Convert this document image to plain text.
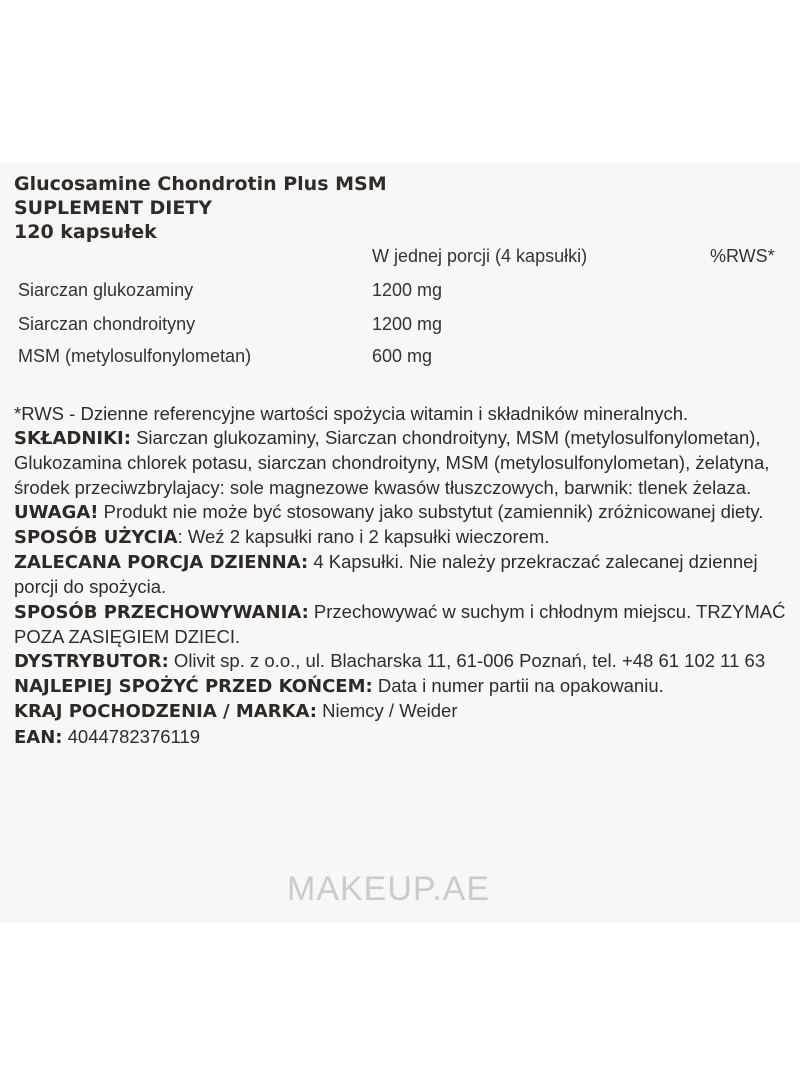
Glucosamine Chondrotin Plus MSM
SUPLEMENT DIETY
120 kapsułek
W jednej porcji (4 kapsułki)	%RWS*
Siarczan glukozaminy	1200 mg
Siarczan chondroityny	1200 mg
MSM (metylosulfonylometan)	600 mg

*RWS - Dzienne referencyjne wartości spożycia witamin i składników mineralnych.

SKŁADNIKI: Siarczan glukozaminy, Siarczan chondroityny, MSM (metylosulfonylometan), Glukozamina chlorek potasu, siarczan chondroityny, MSM (metylosulfonylometan), żelatyna, środek przeciwzbrylajacy: sole magnezowe kwasów tłuszczowych, barwnik: tlenek żelaza.

UWAGA! Produkt nie może być stosowany jako substytut (zamiennik) zróżnicowanej diety.

SPOSÓB UŻYCIA: Weź 2 kapsułki rano i 2 kapsułki wieczorem.

ZALECANA PORCJA DZIENNA: 4 Kapsułki. Nie należy przekraczać zalecanej dziennej porcji do spożycia.

SPOSÓB PRZECHOWYWANIA: Przechowywać w suchym i chłodnym miejscu. TRZYMAĆ POZA ZASIĘGIEM DZIECI.

DYSTRYBUTOR: Olivit sp. z o.o., ul. Blacharska 11, 61-006 Poznań, tel. +48 61 102 11 63

NAJLEPIEJ SPOŻYĆ PRZED KOŃCEM: Data i numer partii na opakowaniu.

KRAJ POCHODZENIA / MARKA: Niemcy / Weider

EAN: 4044782376119

MAKEUP.AE
